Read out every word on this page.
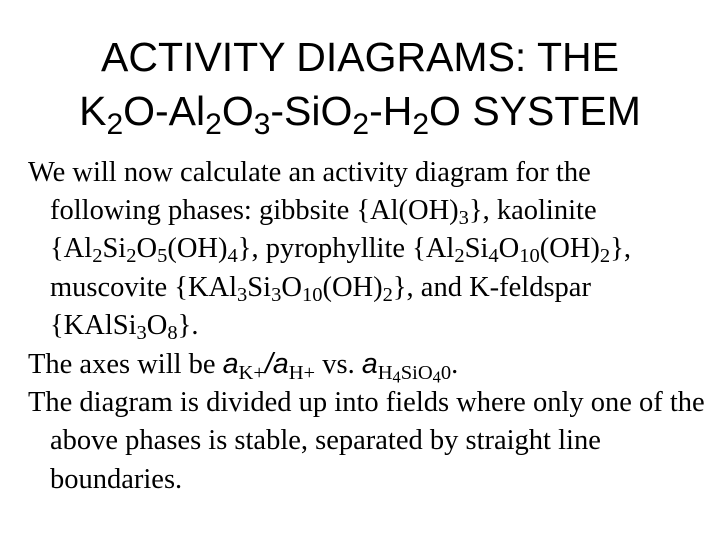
ACTIVITY DIAGRAMS: THE
$K_2O-Al_2O_3-SiO_2-H_2O$ SYSTEM
We will now calculate an activity diagram for the following phases: gibbsite $\{Al(OH)_3\}$, kaolinite $\{Al_2Si_2O_5(OH)_4\}$, pyrophyllite $\{Al_2Si_4O_{10}(OH)_2\}$, muscovite $\{KAl_3Si_3O_{10}(OH)_2\}$, and K-feldspar $\{KAlSi_3O_8\}$.
The axes will be $a_{K+}/a_{H+}$ vs. $a_{H4SiO40}$.
The diagram is divided up into fields where only one of the above phases is stable, separated by straight line boundaries.
